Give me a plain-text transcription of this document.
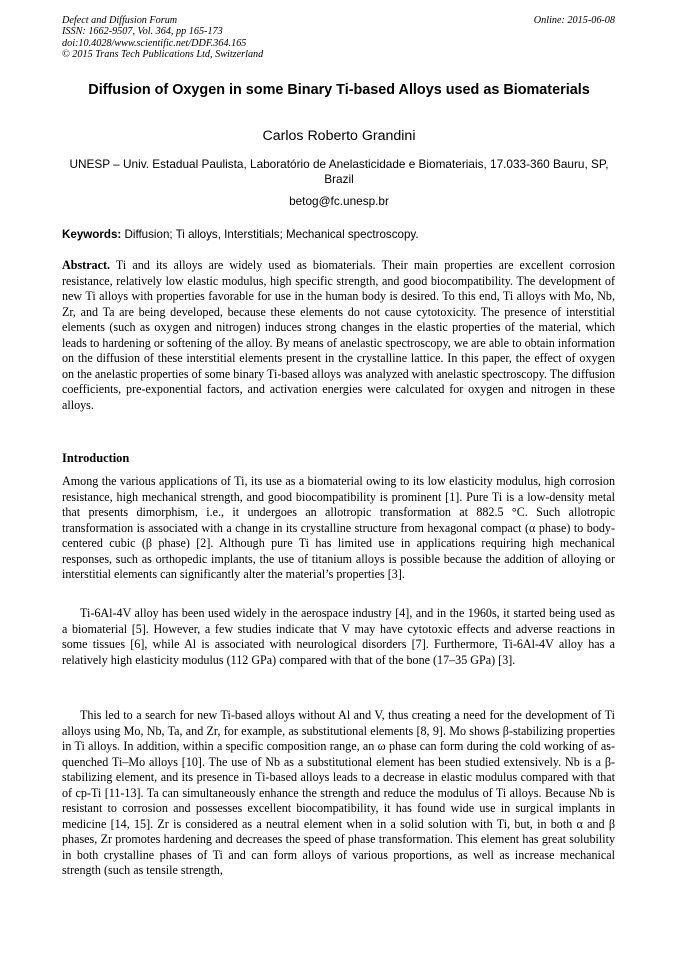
Defect and Diffusion Forum
ISSN: 1662-9507, Vol. 364, pp 165-173
doi:10.4028/www.scientific.net/DDF.364.165
© 2015 Trans Tech Publications Ltd, Switzerland
Online: 2015-06-08
Diffusion of Oxygen in some Binary Ti-based Alloys used as Biomaterials
Carlos Roberto Grandini
UNESP – Univ. Estadual Paulista, Laboratório de Anelasticidade e Biomateriais, 17.033-360 Bauru, SP, Brazil
betog@fc.unesp.br
Keywords: Diffusion; Ti alloys, Interstitials; Mechanical spectroscopy.
Abstract. Ti and its alloys are widely used as biomaterials. Their main properties are excellent corrosion resistance, relatively low elastic modulus, high specific strength, and good biocompatibility. The development of new Ti alloys with properties favorable for use in the human body is desired. To this end, Ti alloys with Mo, Nb, Zr, and Ta are being developed, because these elements do not cause cytotoxicity. The presence of interstitial elements (such as oxygen and nitrogen) induces strong changes in the elastic properties of the material, which leads to hardening or softening of the alloy. By means of anelastic spectroscopy, we are able to obtain information on the diffusion of these interstitial elements present in the crystalline lattice. In this paper, the effect of oxygen on the anelastic properties of some binary Ti-based alloys was analyzed with anelastic spectroscopy. The diffusion coefficients, pre-exponential factors, and activation energies were calculated for oxygen and nitrogen in these alloys.
Introduction
Among the various applications of Ti, its use as a biomaterial owing to its low elasticity modulus, high corrosion resistance, high mechanical strength, and good biocompatibility is prominent [1]. Pure Ti is a low-density metal that presents dimorphism, i.e., it undergoes an allotropic transformation at 882.5 °C. Such allotropic transformation is associated with a change in its crystalline structure from hexagonal compact (α phase) to body-centered cubic (β phase) [2]. Although pure Ti has limited use in applications requiring high mechanical responses, such as orthopedic implants, the use of titanium alloys is possible because the addition of alloying or interstitial elements can significantly alter the material’s properties [3].
Ti-6Al-4V alloy has been used widely in the aerospace industry [4], and in the 1960s, it started being used as a biomaterial [5]. However, a few studies indicate that V may have cytotoxic effects and adverse reactions in some tissues [6], while Al is associated with neurological disorders [7]. Furthermore, Ti-6Al-4V alloy has a relatively high elasticity modulus (112 GPa) compared with that of the bone (17–35 GPa) [3].
This led to a search for new Ti-based alloys without Al and V, thus creating a need for the development of Ti alloys using Mo, Nb, Ta, and Zr, for example, as substitutional elements [8, 9]. Mo shows β-stabilizing properties in Ti alloys. In addition, within a specific composition range, an ω phase can form during the cold working of as-quenched Ti–Mo alloys [10]. The use of Nb as a substitutional element has been studied extensively. Nb is a β-stabilizing element, and its presence in Ti-based alloys leads to a decrease in elastic modulus compared with that of cp-Ti [11-13]. Ta can simultaneously enhance the strength and reduce the modulus of Ti alloys. Because Nb is resistant to corrosion and possesses excellent biocompatibility, it has found wide use in surgical implants in medicine [14, 15]. Zr is considered as a neutral element when in a solid solution with Ti, but, in both α and β phases, Zr promotes hardening and decreases the speed of phase transformation. This element has great solubility in both crystalline phases of Ti and can form alloys of various proportions, as well as increase mechanical strength (such as tensile strength,
